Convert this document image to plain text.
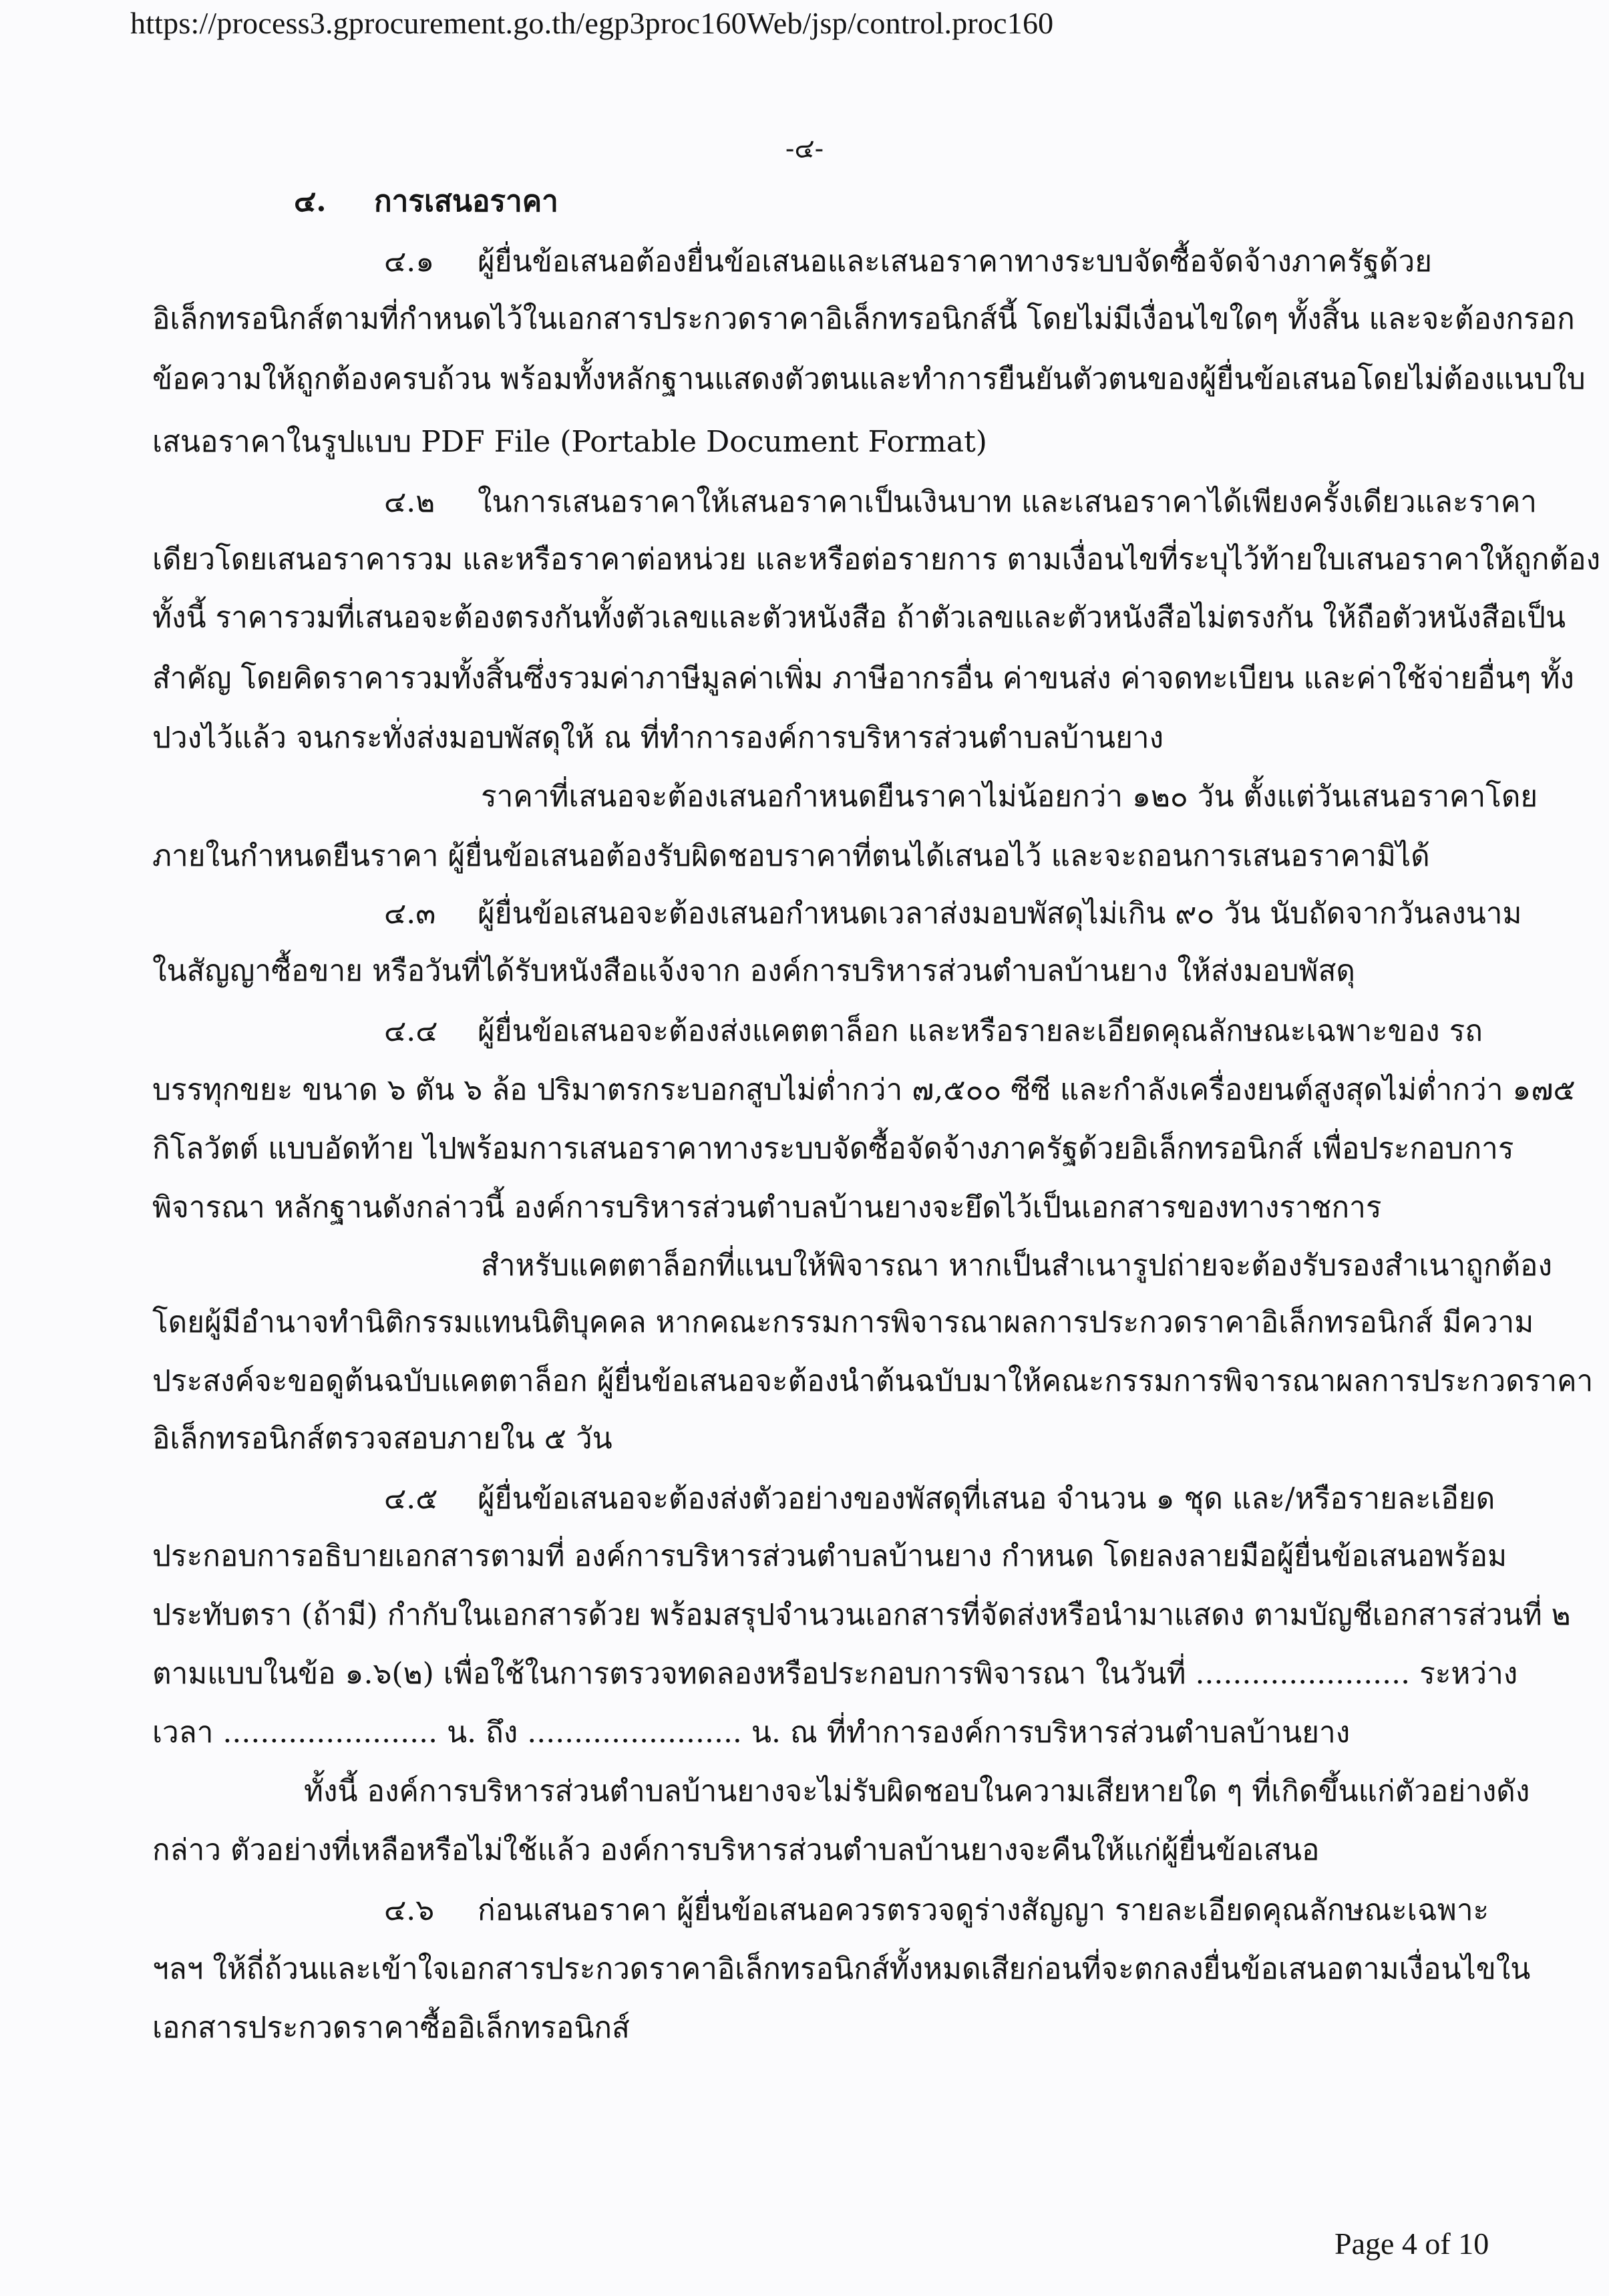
https://process3.gprocurement.go.th/egp3proc160Web/jsp/control.proc160
-๔-
๔. การเสนอราคา
๔.๑ ผู้ยื่นข้อเสนอต้องยื่นข้อเสนอและเสนอราคาทางระบบจัดซื้อจัดจ้างภาครัฐด้วย
อิเล็กทรอนิกส์ตามที่กำหนดไว้ในเอกสารประกวดราคาอิเล็กทรอนิกส์นี้ โดยไม่มีเงื่อนไขใดๆ ทั้งสิ้น และจะต้องกรอก
ข้อความให้ถูกต้องครบถ้วน พร้อมทั้งหลักฐานแสดงตัวตนและทำการยืนยันตัวตนของผู้ยื่นข้อเสนอโดยไม่ต้องแนบใบ
เสนอราคาในรูปแบบ PDF File (Portable Document Format)
๔.๒ ในการเสนอราคาให้เสนอราคาเป็นเงินบาท และเสนอราคาได้เพียงครั้งเดียวและราคา
เดียวโดยเสนอราคารวม และหรือราคาต่อหน่วย และหรือต่อรายการ ตามเงื่อนไขที่ระบุไว้ท้ายใบเสนอราคาให้ถูกต้อง
ทั้งนี้ ราคารวมที่เสนอจะต้องตรงกันทั้งตัวเลขและตัวหนังสือ ถ้าตัวเลขและตัวหนังสือไม่ตรงกัน ให้ถือตัวหนังสือเป็น
สำคัญ โดยคิดราคารวมทั้งสิ้นซึ่งรวมค่าภาษีมูลค่าเพิ่ม ภาษีอากรอื่น ค่าขนส่ง ค่าจดทะเบียน และค่าใช้จ่ายอื่นๆ ทั้ง
ปวงไว้แล้ว จนกระทั่งส่งมอบพัสดุให้ ณ ที่ทำการองค์การบริหารส่วนตำบลบ้านยาง
ราคาที่เสนอจะต้องเสนอกำหนดยืนราคาไม่น้อยกว่า ๑๒๐ วัน ตั้งแต่วันเสนอราคาโดย
ภายในกำหนดยืนราคา ผู้ยื่นข้อเสนอต้องรับผิดชอบราคาที่ตนได้เสนอไว้ และจะถอนการเสนอราคามิได้
๔.๓ ผู้ยื่นข้อเสนอจะต้องเสนอกำหนดเวลาส่งมอบพัสดุไม่เกิน ๙๐ วัน นับถัดจากวันลงนาม
ในสัญญาซื้อขาย หรือวันที่ได้รับหนังสือแจ้งจาก องค์การบริหารส่วนตำบลบ้านยาง ให้ส่งมอบพัสดุ
๔.๔ ผู้ยื่นข้อเสนอจะต้องส่งแคตตาล็อก และหรือรายละเอียดคุณลักษณะเฉพาะของ รถ
บรรทุกขยะ ขนาด ๖ ตัน ๖ ล้อ ปริมาตรกระบอกสูบไม่ต่ำกว่า ๗,๕๐๐ ซีซี และกำลังเครื่องยนต์สูงสุดไม่ต่ำกว่า ๑๗๕
กิโลวัตต์ แบบอัดท้าย ไปพร้อมการเสนอราคาทางระบบจัดซื้อจัดจ้างภาครัฐด้วยอิเล็กทรอนิกส์ เพื่อประกอบการ
พิจารณา หลักฐานดังกล่าวนี้ องค์การบริหารส่วนตำบลบ้านยางจะยึดไว้เป็นเอกสารของทางราชการ
สำหรับแคตตาล็อกที่แนบให้พิจารณา หากเป็นสำเนารูปถ่ายจะต้องรับรองสำเนาถูกต้อง
โดยผู้มีอำนาจทำนิติกรรมแทนนิติบุคคล หากคณะกรรมการพิจารณาผลการประกวดราคาอิเล็กทรอนิกส์ มีความ
ประสงค์จะขอดูต้นฉบับแคตตาล็อก ผู้ยื่นข้อเสนอจะต้องนำต้นฉบับมาให้คณะกรรมการพิจารณาผลการประกวดราคา
อิเล็กทรอนิกส์ตรวจสอบภายใน ๕ วัน
๔.๕ ผู้ยื่นข้อเสนอจะต้องส่งตัวอย่างของพัสดุที่เสนอ จำนวน ๑ ชุด และ/หรือรายละเอียด
ประกอบการอธิบายเอกสารตามที่ องค์การบริหารส่วนตำบลบ้านยาง กำหนด โดยลงลายมือผู้ยื่นข้อเสนอพร้อม
ประทับตรา (ถ้ามี) กำกับในเอกสารด้วย พร้อมสรุปจำนวนเอกสารที่จัดส่งหรือนำมาแสดง ตามบัญชีเอกสารส่วนที่ ๒
ตามแบบในข้อ ๑.๖(๒) เพื่อใช้ในการตรวจทดลองหรือประกอบการพิจารณา ในวันที่ ....................... ระหว่าง
เวลา ....................... น. ถึง ....................... น. ณ ที่ทำการองค์การบริหารส่วนตำบลบ้านยาง
ทั้งนี้ องค์การบริหารส่วนตำบลบ้านยางจะไม่รับผิดชอบในความเสียหายใด ๆ ที่เกิดขึ้นแก่ตัวอย่างดัง
กล่าว ตัวอย่างที่เหลือหรือไม่ใช้แล้ว องค์การบริหารส่วนตำบลบ้านยางจะคืนให้แก่ผู้ยื่นข้อเสนอ
๔.๖ ก่อนเสนอราคา ผู้ยื่นข้อเสนอควรตรวจดูร่างสัญญา รายละเอียดคุณลักษณะเฉพาะ
ฯลฯ ให้ถี่ถ้วนและเข้าใจเอกสารประกวดราคาอิเล็กทรอนิกส์ทั้งหมดเสียก่อนที่จะตกลงยื่นข้อเสนอตามเงื่อนไขใน
เอกสารประกวดราคาซื้ออิเล็กทรอนิกส์
Page 4 of 10
